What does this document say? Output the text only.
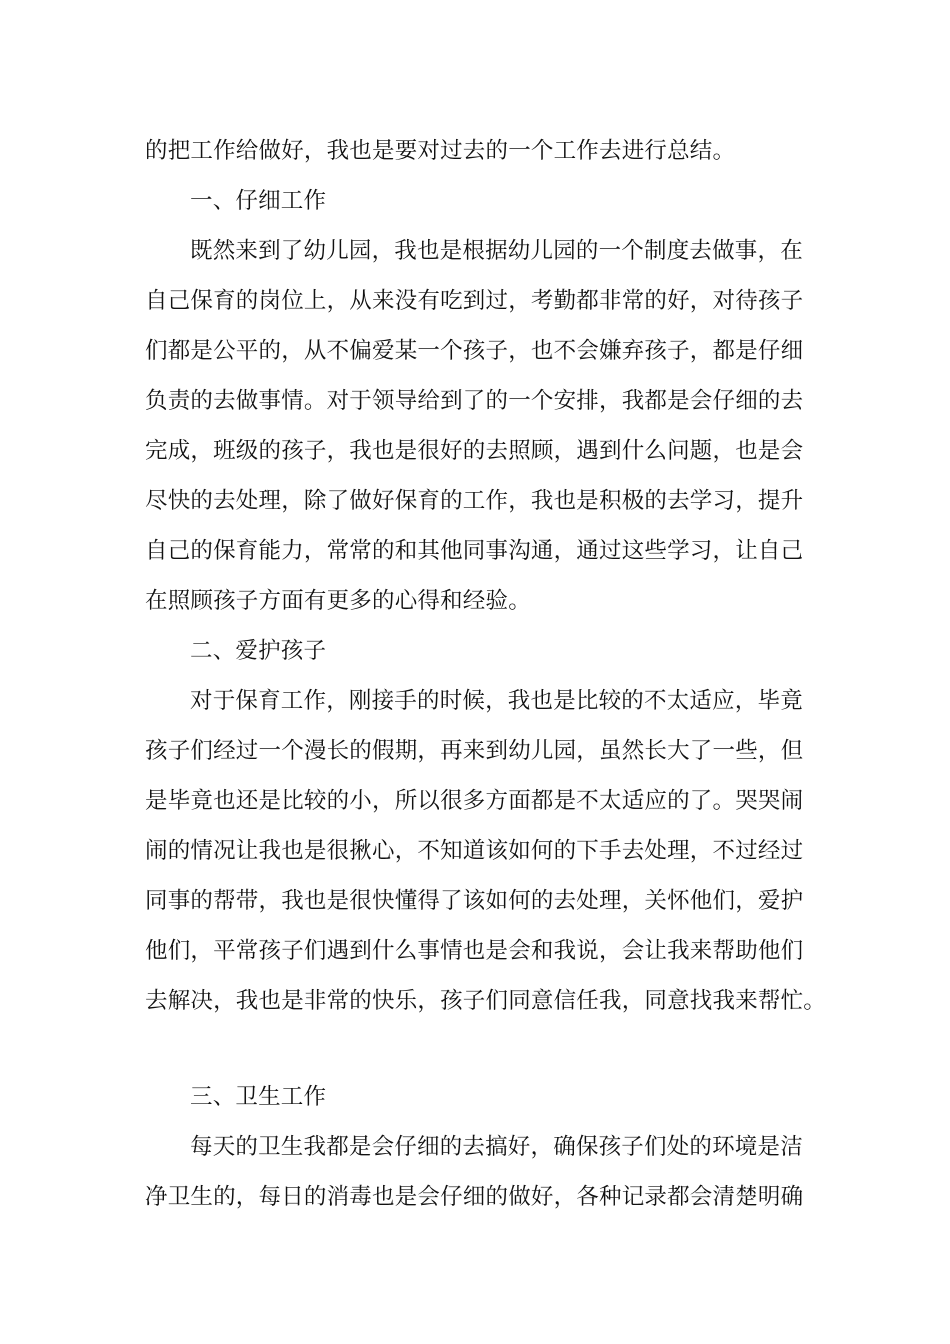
的把工作给做好，我也是要对过去的一个工作去进行总结。
一、仔细工作
既然来到了幼儿园，我也是根据幼儿园的一个制度去做事，在
自己保育的岗位上，从来没有吃到过，考勤都非常的好，对待孩子
们都是公平的，从不偏爱某一个孩子，也不会嫌弃孩子，都是仔细
负责的去做事情。对于领导给到了的一个安排，我都是会仔细的去
完成，班级的孩子，我也是很好的去照顾，遇到什么问题，也是会
尽快的去处理，除了做好保育的工作，我也是积极的去学习，提升
自己的保育能力，常常的和其他同事沟通，通过这些学习，让自己
在照顾孩子方面有更多的心得和经验。
二、爱护孩子
对于保育工作，刚接手的时候，我也是比较的不太适应，毕竟
孩子们经过一个漫长的假期，再来到幼儿园，虽然长大了一些，但
是毕竟也还是比较的小，所以很多方面都是不太适应的了。哭哭闹
闹的情况让我也是很揪心，不知道该如何的下手去处理，不过经过
同事的帮带，我也是很快懂得了该如何的去处理，关怀他们，爱护
他们，平常孩子们遇到什么事情也是会和我说，会让我来帮助他们
去解决，我也是非常的快乐，孩子们同意信任我，同意找我来帮忙。
三、卫生工作
每天的卫生我都是会仔细的去搞好，确保孩子们处的环境是洁
净卫生的，每日的消毒也是会仔细的做好，各种记录都会清楚明确
